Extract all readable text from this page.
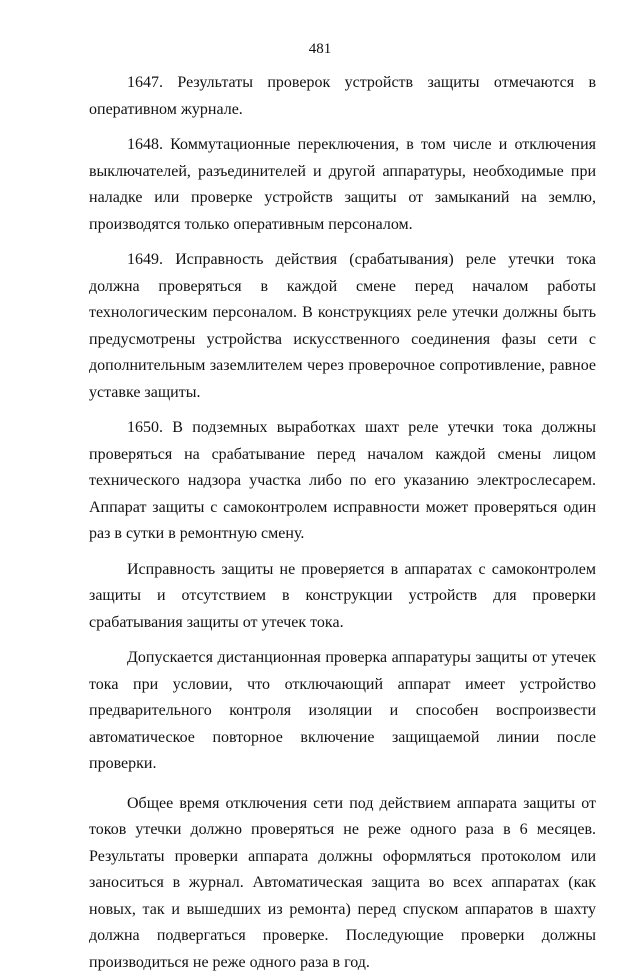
481

1647. Результаты проверок устройств защиты отмечаются в оперативном журнале.

1648. Коммутационные переключения, в том числе и отключения выключателей, разъединителей и другой аппаратуры, необходимые при наладке или проверке устройств защиты от замыканий на землю, производятся только оперативным персоналом.

1649. Исправность действия (срабатывания) реле утечки тока должна проверяться в каждой смене перед началом работы технологическим персоналом. В конструкциях реле утечки должны быть предусмотрены устройства искусственного соединения фазы сети с дополнительным заземлителем через проверочное сопротивление, равное уставке защиты.

1650. В подземных выработках шахт реле утечки тока должны проверяться на срабатывание перед началом каждой смены лицом технического надзора участка либо по его указанию электрослесарем. Аппарат защиты с самоконтролем исправности может проверяться один раз в сутки в ремонтную смену.

Исправность защиты не проверяется в аппаратах с самоконтролем защиты и отсутствием в конструкции устройств для проверки срабатывания защиты от утечек тока.

Допускается дистанционная проверка аппаратуры защиты от утечек тока при условии, что отключающий аппарат имеет устройство предварительного контроля изоляции и способен воспроизвести автоматическое повторное включение защищаемой линии после проверки.

Общее время отключения сети под действием аппарата защиты от токов утечки должно проверяться не реже одного раза в 6 месяцев. Результаты проверки аппарата должны оформляться протоколом или заноситься в журнал. Автоматическая защита во всех аппаратах (как новых, так и вышедших из ремонта) перед спуском аппаратов в шахту должна подвергаться проверке. Последующие проверки должны производиться не реже одного раза в год.
